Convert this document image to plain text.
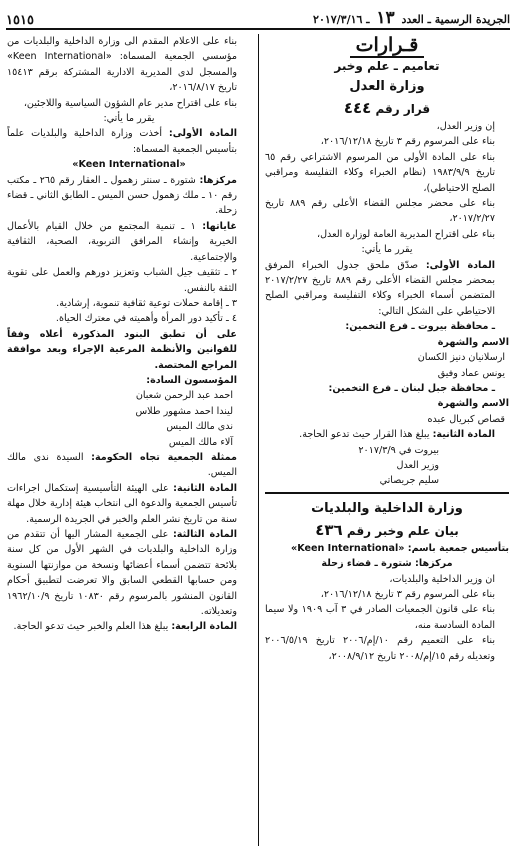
الجريدة الرسمية ـ العدد ١٣ ـ ٢٠١٧/٣/١٦
١٥١٥

قـرارات

تعاميم ـ علم وخبر

وزارة العدل

قرار رقم ٤٤٤

إن وزير العدل،

بناء على المرسوم رقم ٣ تاريخ ٢٠١٦/١٢/١٨،

بناء على المادة الأولى من المرسوم الاشتراعي رقم ٦٥ تاريخ ١٩٨٣/٩/٩ (نظام الخبراء وكلاء التفليسة ومراقبي الصلح الاحتياطي)،

بناء على محضر مجلس القضاء الأعلى رقم ٨٨٩ تاريخ ٢٠١٧/٢/٢٧،

بناء على اقتراح المديرية العامة لوزارة العدل،

يقرر ما يأتي:

المادة الأولى: صدّق ملحق جدول الخبراء المرفق بمحضر مجلس القضاء الأعلى رقم ٨٨٩ تاريخ ٢٠١٧/٢/٢٧ المتضمن أسماء الخبراء وكلاء التفليسة ومراقبي الصلح الاحتياطي على الشكل التالي:

ـ محافظة بيروت ـ فرع التخمين:

الاسم والشهرة

ارسلانيان دنيز الكسان

يونس عماد وفيق

ـ محافظة جبل لبنان ـ فرع التخمين:

الاسم والشهرة

قصاص كبريال عبده

المادة الثانية: يبلغ هذا القرار حيث تدعو الحاجة.

بيروت في ٢٠١٧/٣/٩

وزير العدل

سليم جريصاتي

وزارة الداخلية والبلديات

بيان علم وخبر رقم ٤٣٦

بتأسيس جمعية باسم: «Keen International»

مركزها: شتورة ـ قضاء زحلة

ان وزير الداخلية والبلديات،

بناء على المرسوم رقم ٣ تاريخ ٢٠١٦/١٢/١٨،

بناء على قانون الجمعيات الصادر في ٣ آب ١٩٠٩ ولا سيما المادة السادسة منه،

بناء على التعميم رقم ١٠/إم/٢٠٠٦ تاريخ ٢٠٠٦/٥/١٩ وتعديله رقم ١٥/إم/٢٠٠٨ تاريخ ٢٠٠٨/٩/١٢،

بناء على الاعلام المقدم الى وزارة الداخلية والبلديات من مؤسسي الجمعية المسماة: «Keen International» والمسجل لدى المديرية الادارية المشتركة برقم ١٥٤١٣ تاريخ ٢٠١٦/٨/١٧،

بناء على اقتراح مدير عام الشؤون السياسية واللاجئين،

يقرر ما يأتي:

المادة الأولى: أخذت وزارة الداخلية والبلديات علماً بتأسيس الجمعية المسماة:

«Keen International»

مركزها: شتورة ـ سنتر زهمول ـ العقار رقم ٢٦٥ ـ مكتب رقم ١٠ ـ ملك زهمول حسن الميس ـ الطابق الثاني ـ قضاء زحلة.

غاياتها: ١ ـ تنمية المجتمع من خلال القيام بالأعمال الخيرية وإنشاء المرافق التربوية، الصحية، الثقافية والإجتماعية.

٢ ـ تثقيف جيل الشباب وتعزيز دورهم والعمل على تقوية الثقة بالنفس.

٣ ـ إقامة حملات توعية ثقافية تنموية، إرشادية.

٤ ـ تأكيد دور المرأة وأهميته في معترك الحياة.

على أن تطبق البنود المذكورة أعلاه وفقاً للقوانين والأنظمة المرعية الإجراء وبعد موافقة المراجع المختصة.

المؤسسون السادة:

احمد عبد الرحمن شعبان

ليندا احمد مشهور طلاس

ندى مالك الميس

آلاء مالك الميس

ممثلة الجمعية تجاه الحكومة: السيدة ندى مالك الميس.

المادة الثانية: على الهيئة التأسيسية إستكمال اجراءات تأسيس الجمعية والدعوة الى انتخاب هيئة إدارية خلال مهلة سنة من تاريخ نشر العلم والخبر في الجريدة الرسمية.

المادة الثالثة: على الجمعية المشار اليها أن تتقدم من وزارة الداخلية والبلديات في الشهر الأول من كل سنة بلائحة تتضمن أسماء أعضائها ونسخة من موازنتها السنوية ومن حسابها القطعي السابق والا تعرضت لتطبيق أحكام القانون المنشور بالمرسوم رقم ١٠٨٣٠ تاريخ ١٩٦٢/١٠/٩ وتعديلاته.

المادة الرابعة: يبلغ هذا العلم والخبر حيث تدعو الحاجة.
